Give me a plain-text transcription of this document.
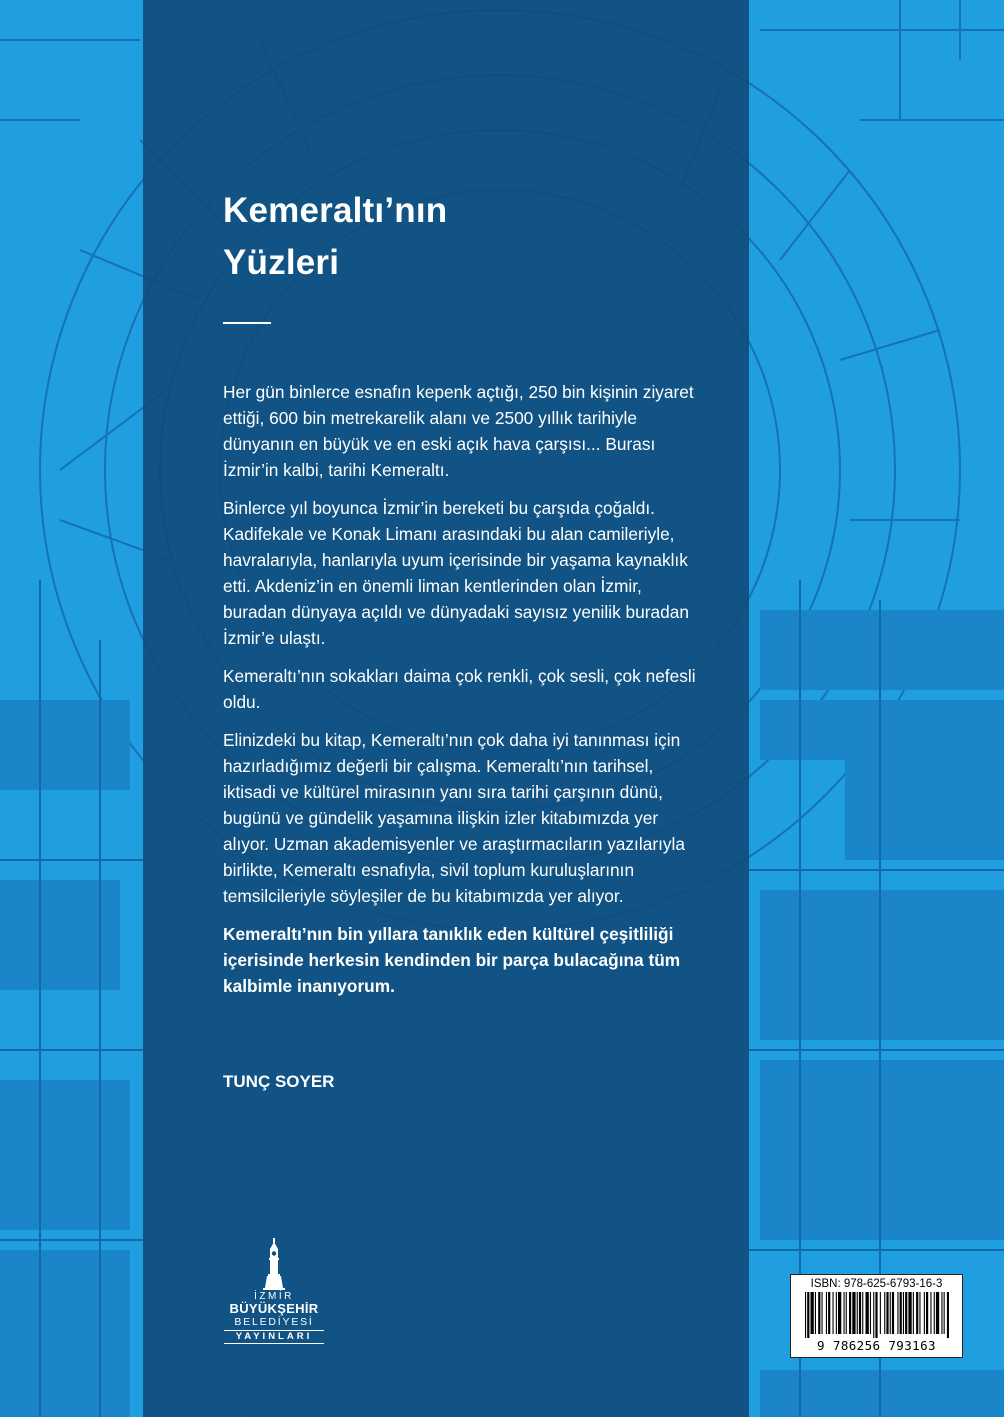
Kemeraltı’nın
Yüzleri

Her gün binlerce esnafın kepenk açtığı, 250 bin kişinin ziyaret ettiği, 600 bin metrekarelik alanı ve 2500 yıllık tarihiyle dünyanın en büyük ve en eski açık hava çarşısı... Burası İzmir’in kalbi, tarihi Kemeraltı.

Binlerce yıl boyunca İzmir’in bereketi bu çarşıda çoğaldı. Kadifekale ve Konak Limanı arasındaki bu alan camileriyle, havralarıyla, hanlarıyla uyum içerisinde bir yaşama kaynaklık etti. Akdeniz’in en önemli liman kentlerinden olan İzmir, buradan dünyaya açıldı ve dünyadaki sayısız yenilik buradan İzmir’e ulaştı.

Kemeraltı’nın sokakları daima çok renkli, çok sesli, çok nefesli oldu.

Elinizdeki bu kitap, Kemeraltı’nın çok daha iyi tanınması için hazırladığımız değerli bir çalışma. Kemeraltı’nın tarihsel, iktisadi ve kültürel mirasının yanı sıra tarihi çarşının dünü, bugünü ve gündelik yaşamına ilişkin izler kitabımızda yer alıyor. Uzman akademisyenler ve araştırmacıların yazılarıyla birlikte, Kemeraltı esnafıyla, sivil toplum kuruluşlarının temsilcileriyle söyleşiler de bu kitabımızda yer alıyor.

Kemeraltı’nın bin yıllara tanıklık eden kültürel çeşitliliği içerisinde herkesin kendinden bir parça bulacağına tüm kalbimle inanıyorum.

TUNÇ SOYER
İZMİR
BÜYÜKŞEHİR
BELEDİYESİ
YAYINLARI
ISBN: 978-625-6793-16-3
9 786256 793163
